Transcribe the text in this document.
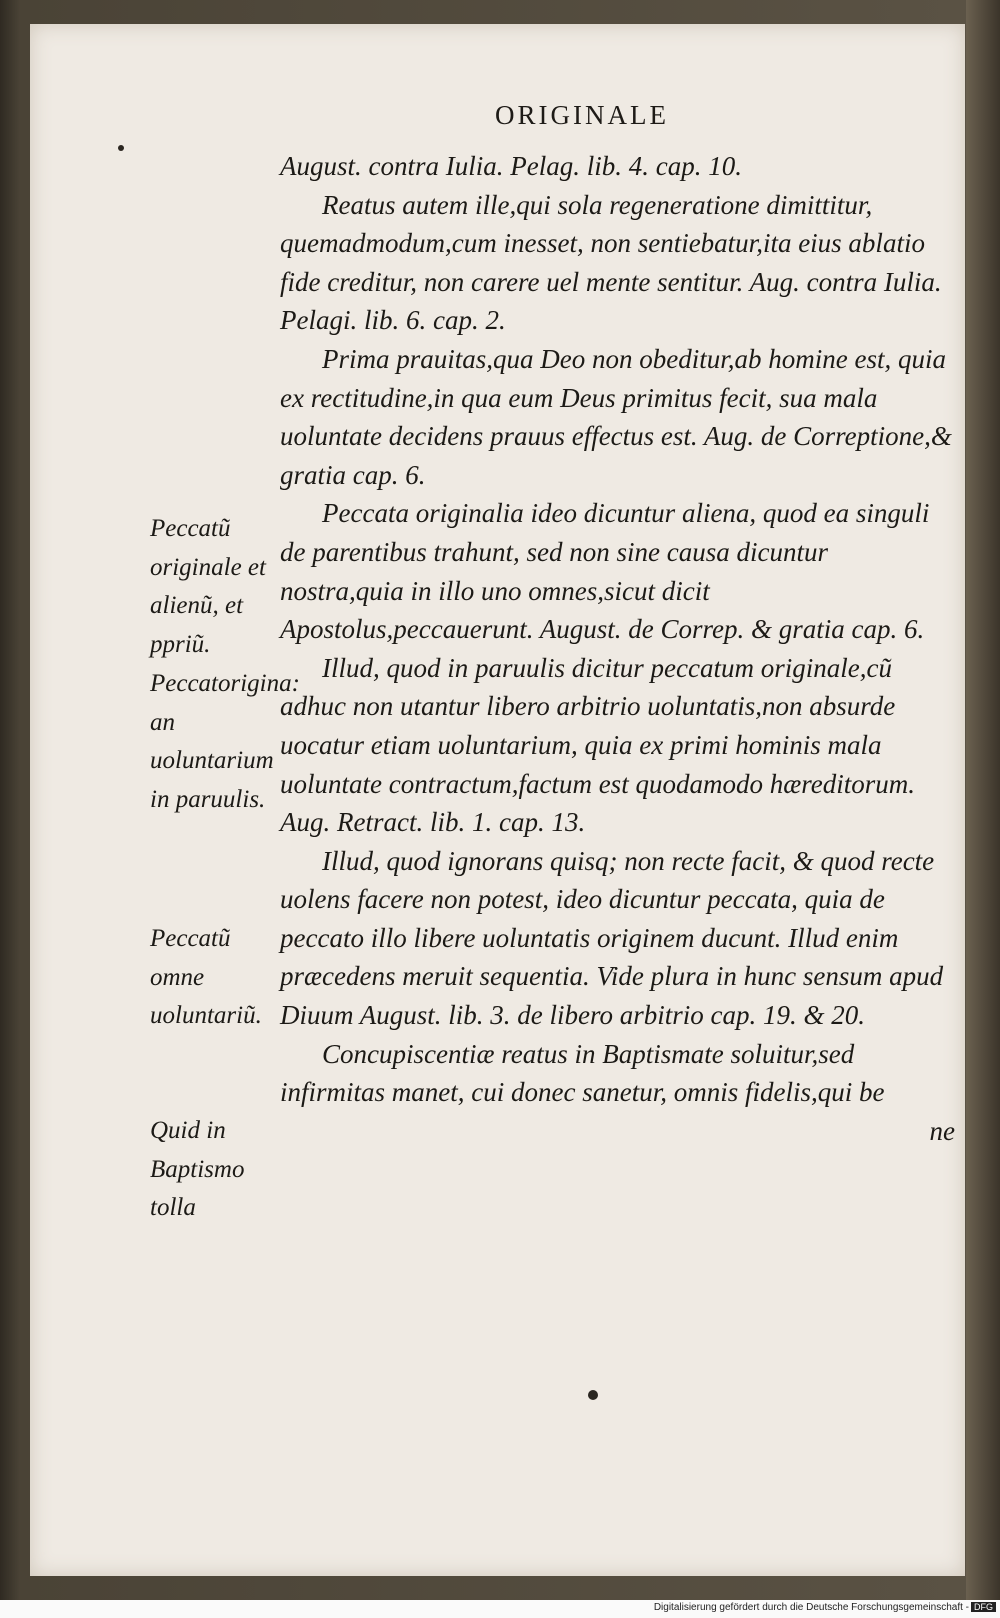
ORIGINALE

August. contra Iulia. Pelag. lib. 4. cap. 10.

Reatus autem ille,qui sola regeneratione dimittitur, quemadmodum,cum inesset, non sentiebatur,ita eius ablatio fide creditur, non carere uel mente sentitur. Aug. contra Iulia. Pelagi. lib. 6. cap. 2.

Prima prauitas,qua Deo non obeditur,ab homine est, quia ex rectitudine,in qua eum Deus primitus fecit, sua mala uoluntate decidens prauus effectus est. Aug. de Correptione,& gratia cap. 6.

Peccata originalia ideo dicuntur aliena, quod ea singuli de parentibus trahunt, sed non sine causa dicuntur nostra,quia in illo uno omnes,sicut dicit Apostolus,peccauerunt. August. de Correp. & gratia cap. 6.

Illud, quod in paruulis dicitur peccatum originale,cũ adhuc non utantur libero arbitrio uoluntatis,non absurde uocatur etiam uoluntarium, quia ex primi hominis mala uoluntate contractum,factum est quodamodo hæreditorum. Aug. Retract. lib. 1. cap. 13.

Illud, quod ignorans quisq; non recte facit, & quod recte uolens facere non potest, ideo dicuntur peccata, quia de peccato illo libere uoluntatis originem ducunt. Illud enim præcedens meruit sequentia. Vide plura in hunc sensum apud Diuum August. lib. 3. de libero arbitrio cap. 19. & 20.

Concupiscentiæ reatus in Baptismate soluitur,sed infirmitas manet, cui donec sanetur, omnis fidelis,qui be

ne

Peccatũ originale et alienũ, et ppriũ.
Peccatorigina: an uoluntarium in paruulis.
Peccatũ omne uoluntariũ.
Quid in Baptismo tolla
Digitalisierung gefördert durch die Deutsche Forschungsgemeinschaft - DFG
